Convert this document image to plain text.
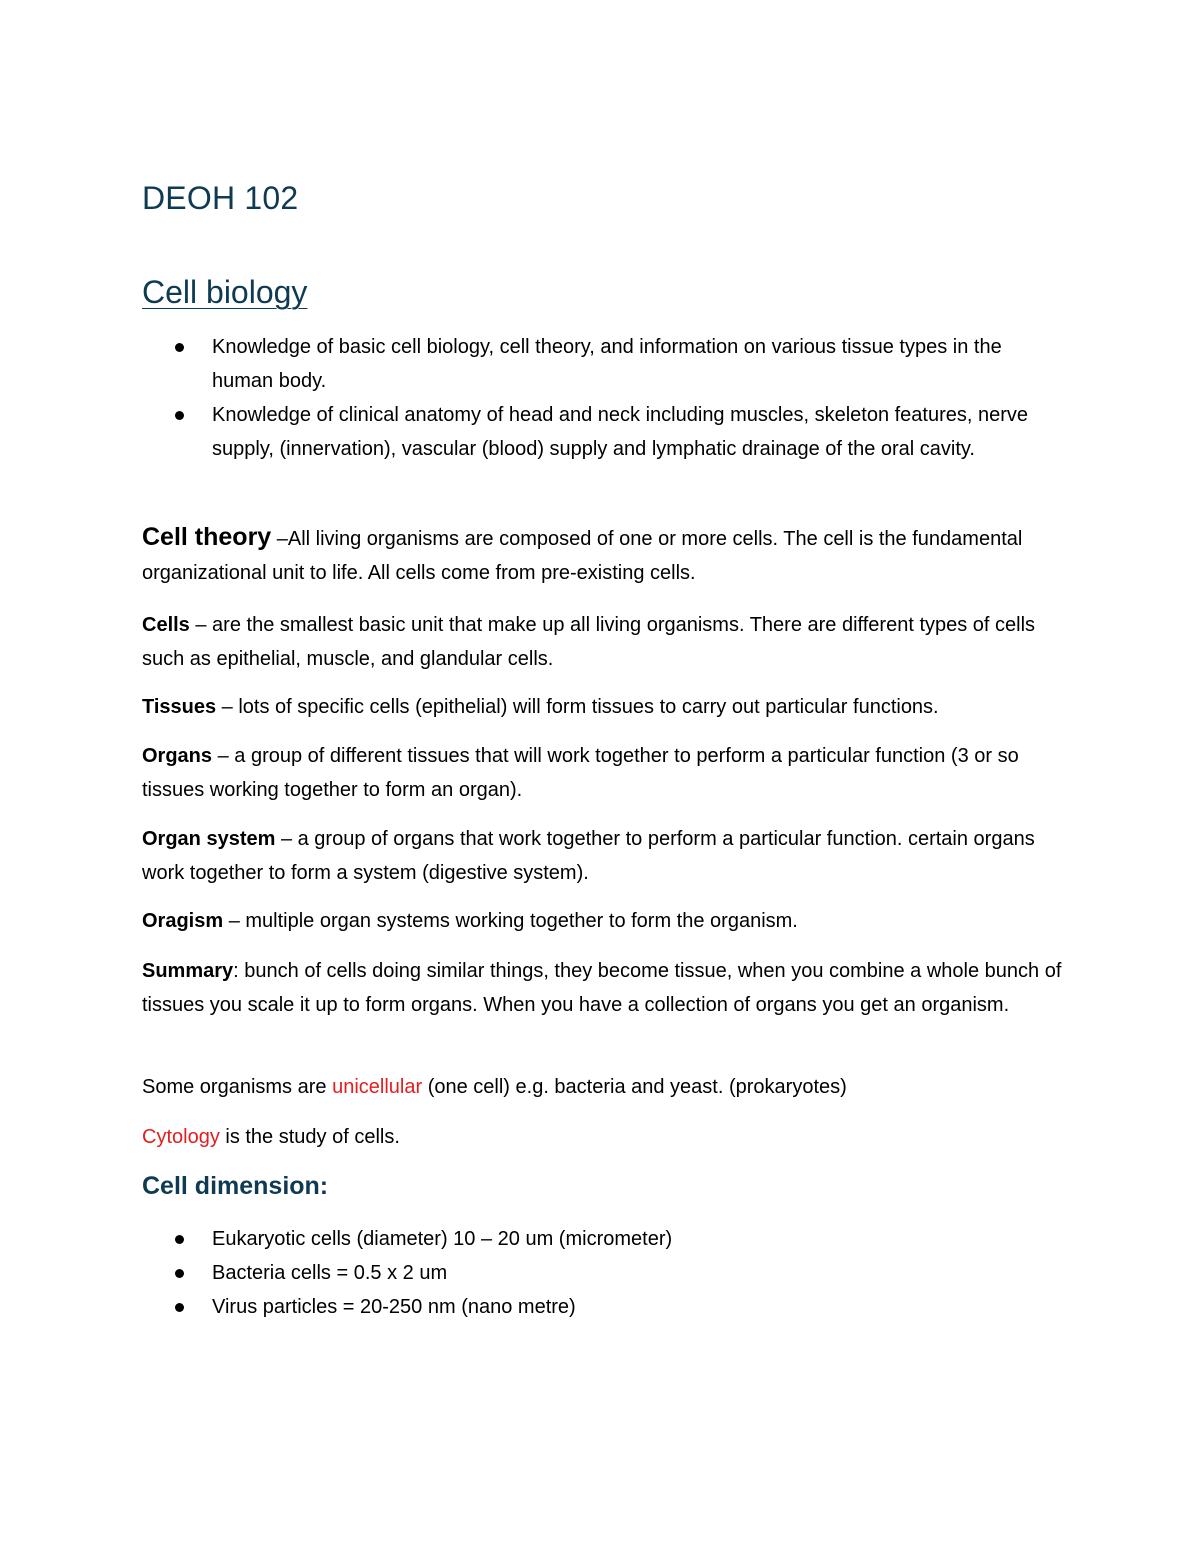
DEOH 102
Cell biology
Knowledge of basic cell biology, cell theory, and information on various tissue types in the human body.
Knowledge of clinical anatomy of head and neck including muscles, skeleton features, nerve supply, (innervation), vascular (blood) supply and lymphatic drainage of the oral cavity.

Cell theory –All living organisms are composed of one or more cells. The cell is the fundamental organizational unit to life. All cells come from pre-existing cells.

Cells – are the smallest basic unit that make up all living organisms. There are different types of cells such as epithelial, muscle, and glandular cells.

Tissues – lots of specific cells (epithelial) will form tissues to carry out particular functions.

Organs – a group of different tissues that will work together to perform a particular function (3 or so tissues working together to form an organ).

Organ system – a group of organs that work together to perform a particular function. certain organs work together to form a system (digestive system).

Oragism – multiple organ systems working together to form the organism.

Summary: bunch of cells doing similar things, they become tissue, when you combine a whole bunch of tissues you scale it up to form organs. When you have a collection of organs you get an organism.

Some organisms are unicellular (one cell) e.g. bacteria and yeast. (prokaryotes)

Cytology is the study of cells.

Cell dimension:
Eukaryotic cells (diameter) 10 – 20 um (micrometer)
Bacteria cells = 0.5 x 2 um
Virus particles = 20-250 nm (nano metre)
